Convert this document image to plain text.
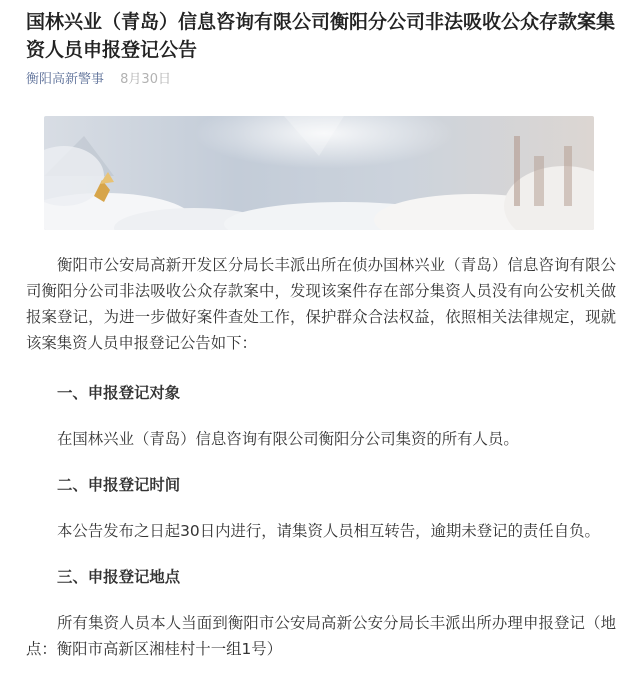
国林兴业（青岛）信息咨询有限公司衡阳分公司非法吸收公众存款案集资人员申报登记公告
衡阳高新警事 8月30日

衡阳市公安局高新开发区分局长丰派出所在侦办国林兴业（青岛）信息咨询有限公司衡阳分公司非法吸收公众存款案中，发现该案件存在部分集资人员没有向公安机关做报案登记，为进一步做好案件查处工作，保护群众合法权益，依照相关法律规定，现就该案集资人员申报登记公告如下：

一、申报登记对象

在国林兴业（青岛）信息咨询有限公司衡阳分公司集资的所有人员。

二、申报登记时间

本公告发布之日起30日内进行，请集资人员相互转告，逾期未登记的责任自负。

三、申报登记地点

所有集资人员本人当面到衡阳市公安局高新公安分局长丰派出所办理申报登记（地点：衡阳市高新区湘桂村十一组1号）
